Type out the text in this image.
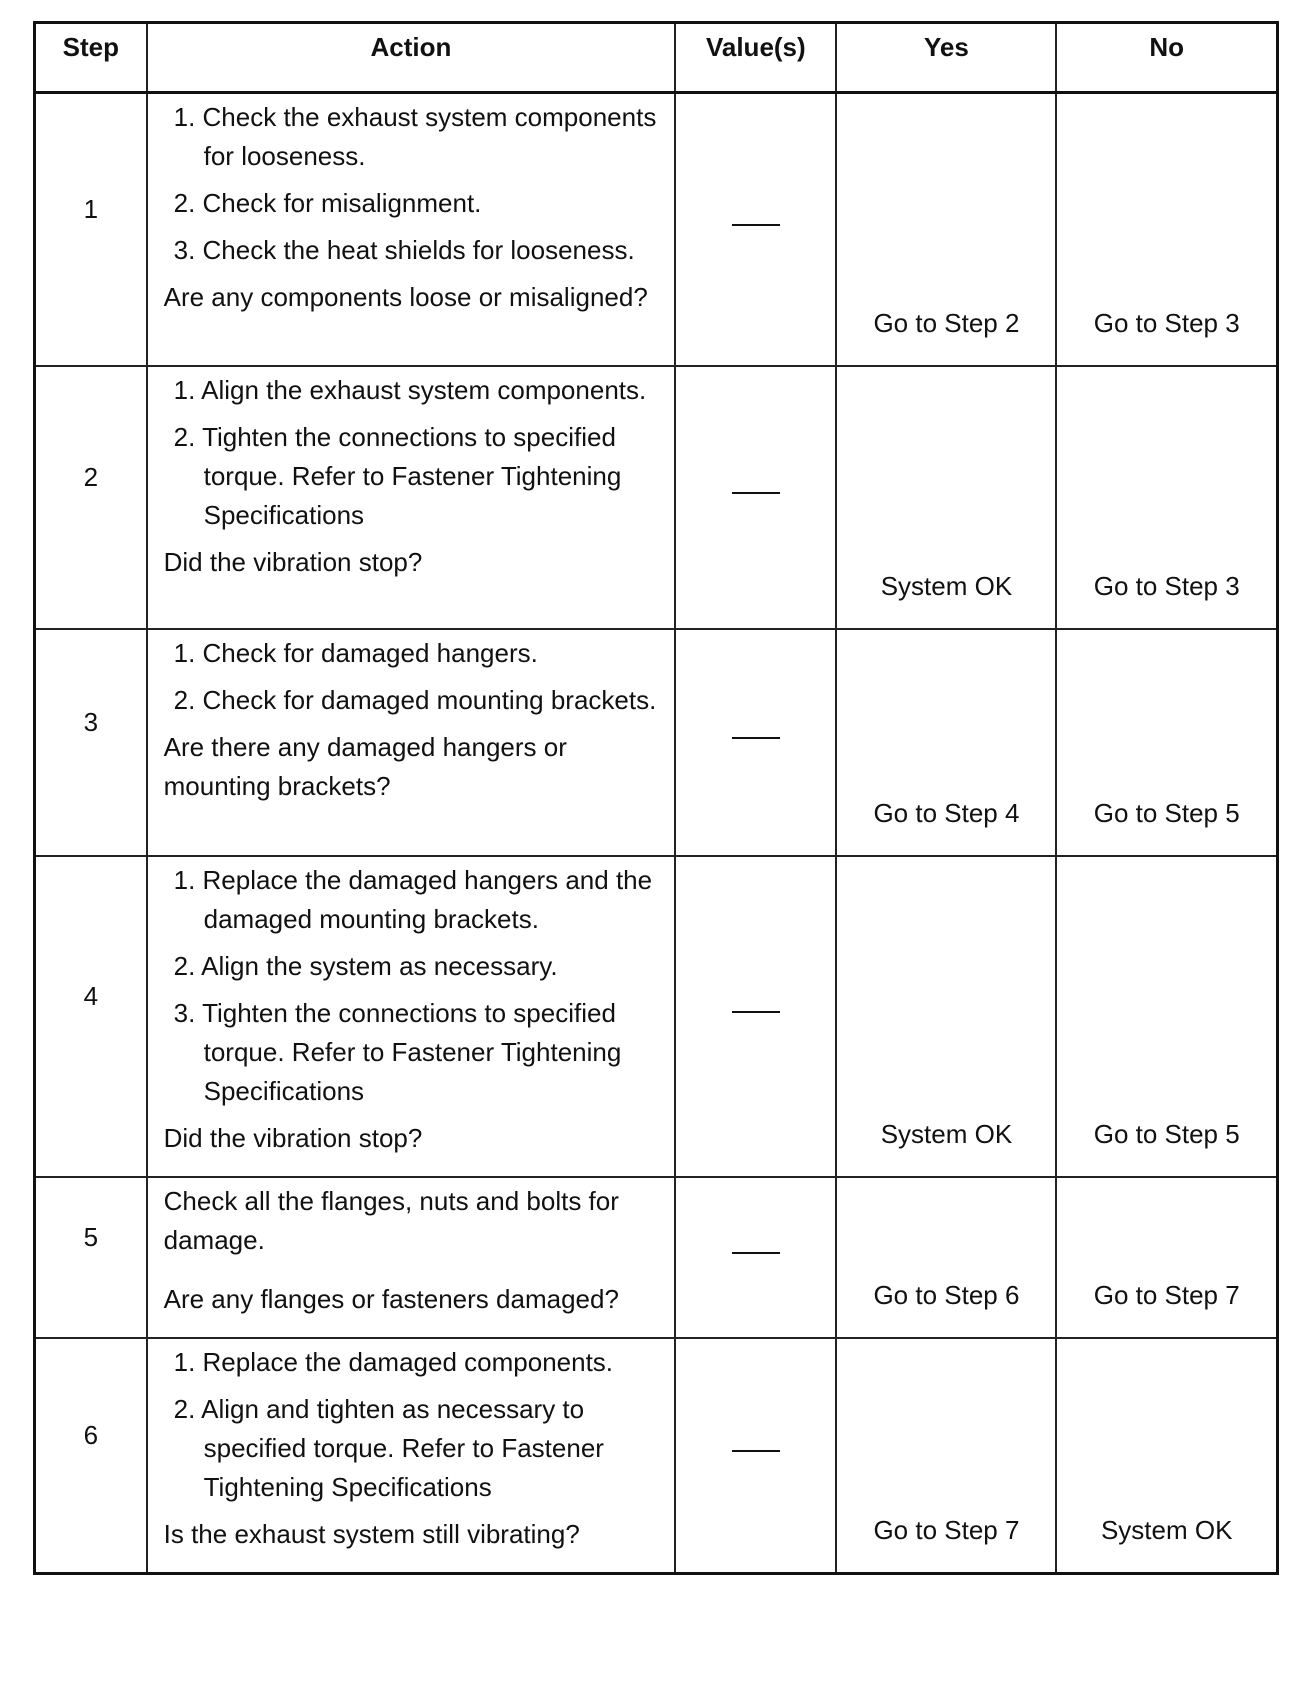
Step	Action	Value(s)	Yes	No
1	1. Check the exhaust system components for looseness.
2. Check for misalignment.
3. Check the heat shields for looseness.
Are any components loose or misaligned?		Go to Step 2	Go to Step 3
2	1. Align the exhaust system components.
2. Tighten the connections to specified torque. Refer to Fastener Tightening Specifications
Did the vibration stop?		System OK	Go to Step 3
3	1. Check for damaged hangers.
2. Check for damaged mounting brackets.
Are there any damaged hangers or mounting brackets?		Go to Step 4	Go to Step 5
4	1. Replace the damaged hangers and the damaged mounting brackets.
2. Align the system as necessary.
3. Tighten the connections to specified torque. Refer to Fastener Tightening Specifications
Did the vibration stop?		System OK	Go to Step 5
5	Check all the flanges, nuts and bolts for damage.
Are any flanges or fasteners damaged?		Go to Step 6	Go to Step 7
6	1. Replace the damaged components.
2. Align and tighten as necessary to specified torque. Refer to Fastener Tightening Specifications
Is the exhaust system still vibrating?		Go to Step 7	System OK
